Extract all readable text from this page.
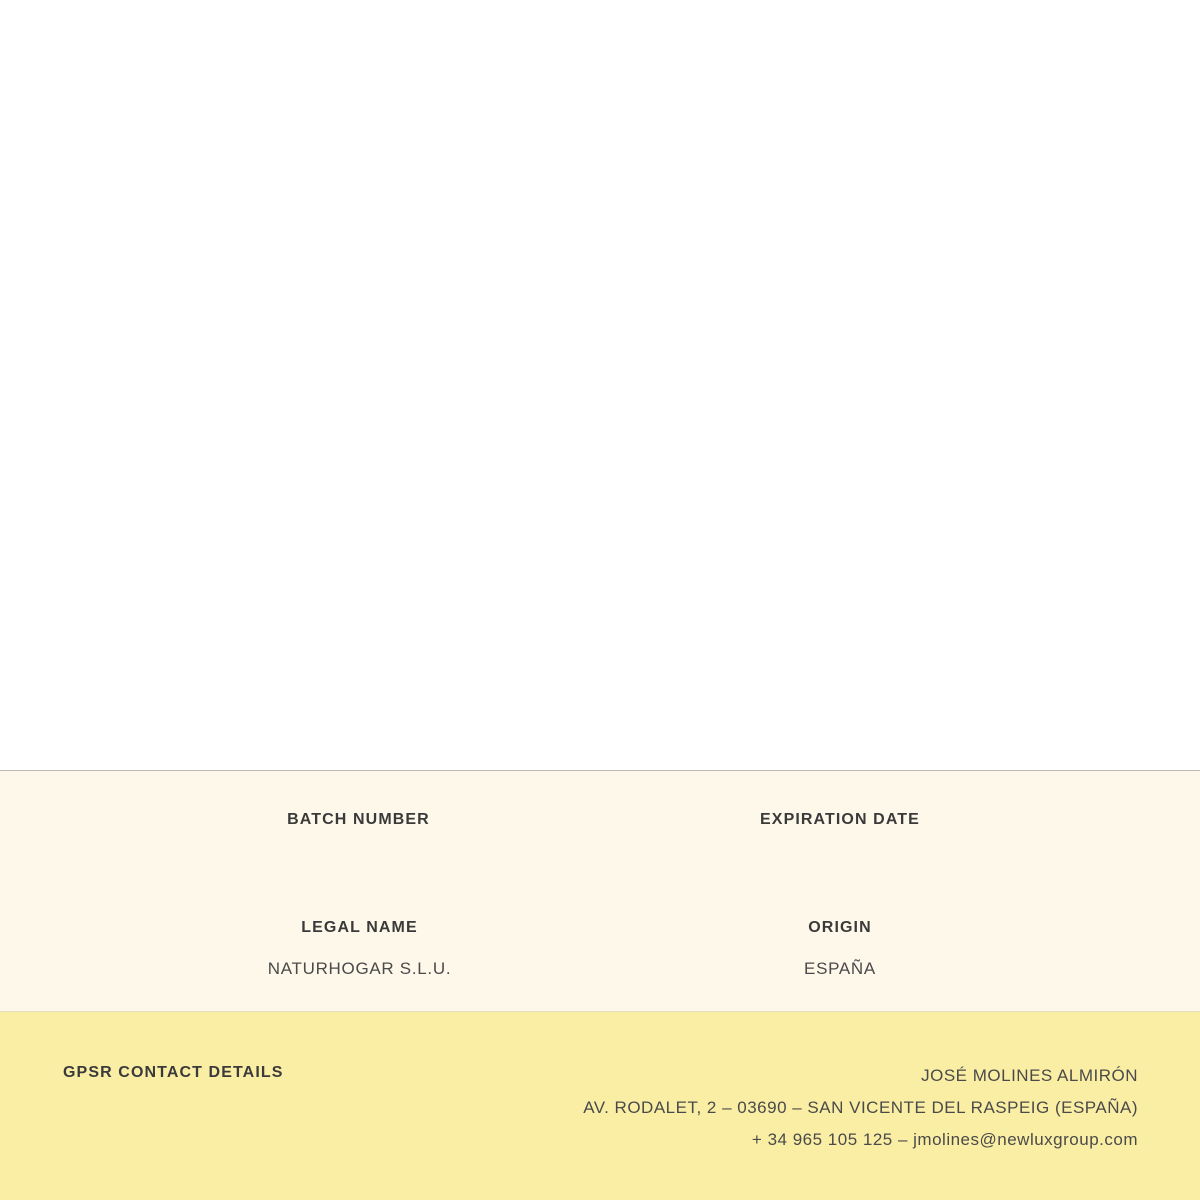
BATCH NUMBER	EXPIRATION DATE
LEGAL NAME
NATURHOGAR S.L.U.
ORIGIN
ESPAÑA
GPSR CONTACT DETAILS	JOSÉ MOLINES ALMIRÓN
AV. RODALET, 2 – 03690 – SAN VICENTE DEL RASPEIG (ESPAÑA)
+ 34 965 105 125 – jmolines@newluxgroup.com
